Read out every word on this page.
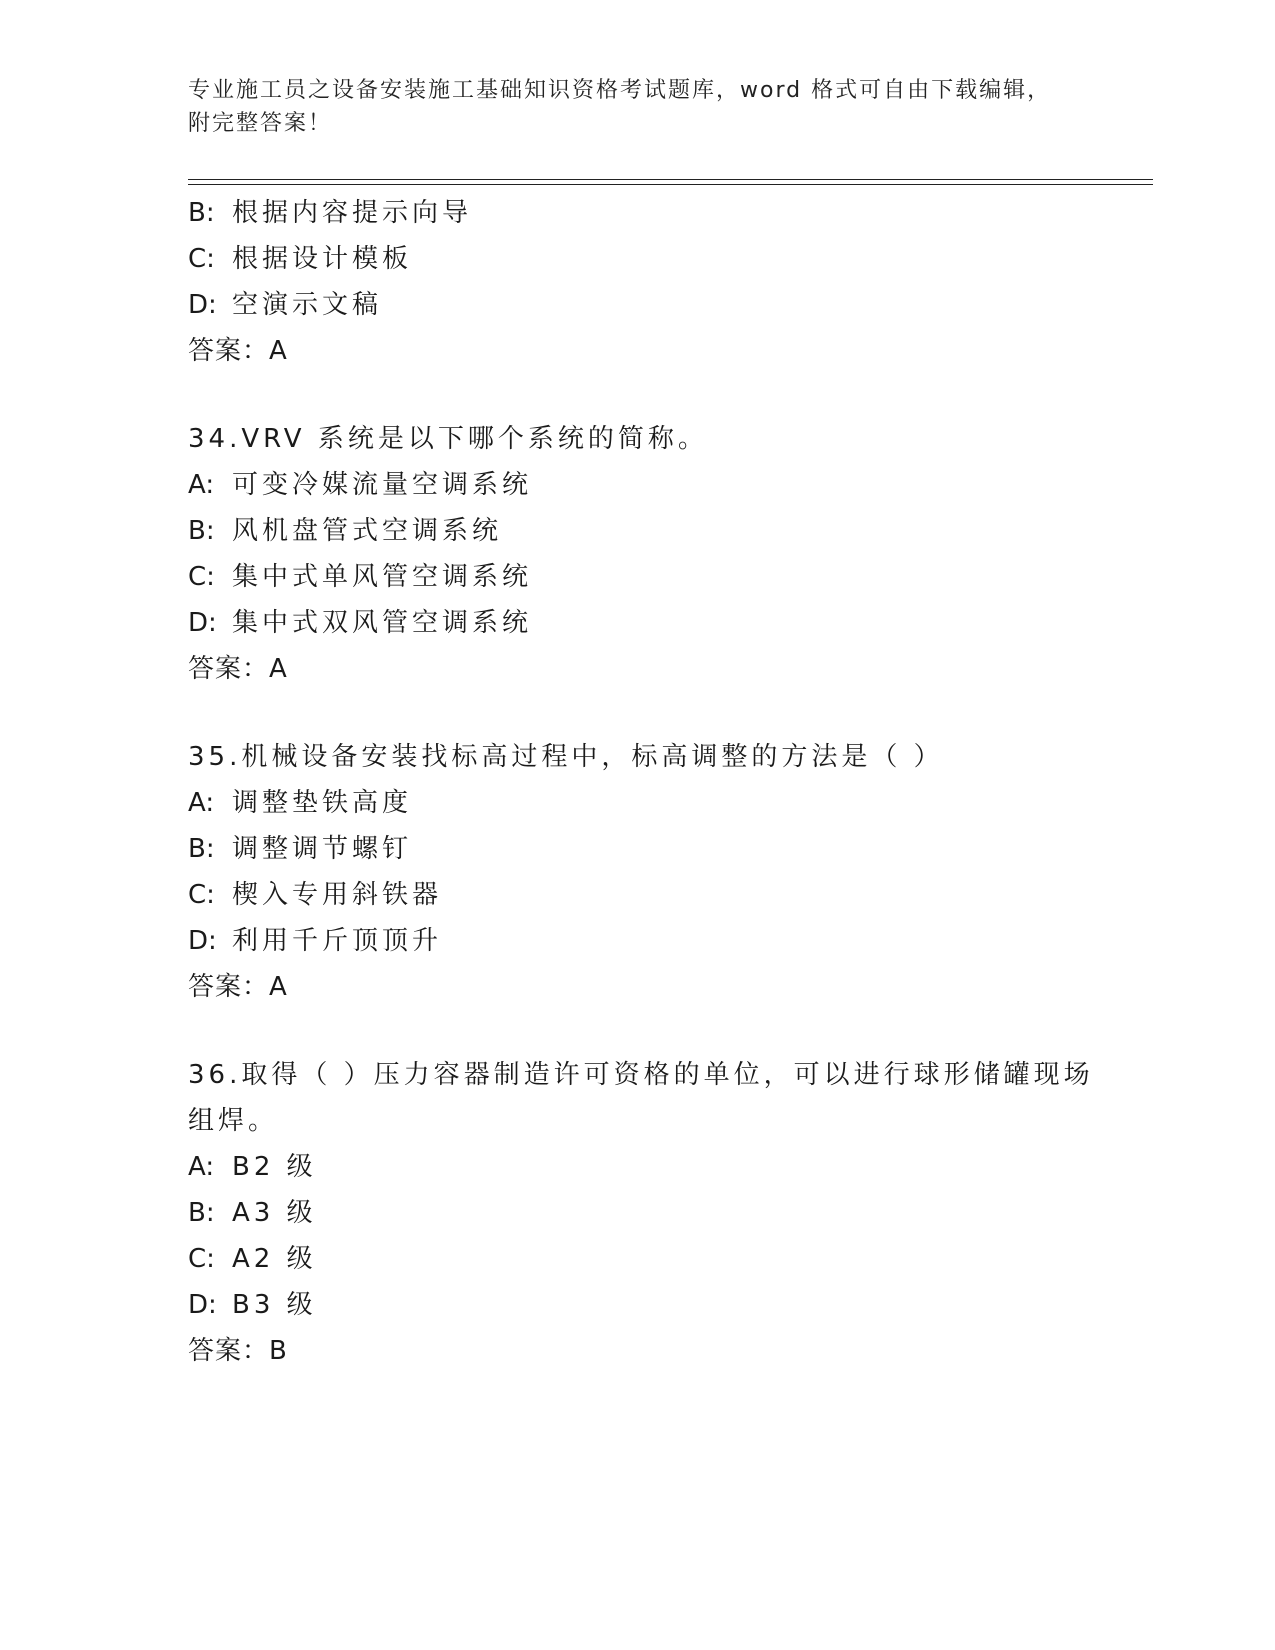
专业施工员之设备安装施工基础知识资格考试题库，word 格式可自由下载编辑，
附完整答案！
B: 根据内容提示向导
C: 根据设计模板
D: 空演示文稿
答案：A
34.VRV 系统是以下哪个系统的简称。
A: 可变冷媒流量空调系统
B: 风机盘管式空调系统
C: 集中式单风管空调系统
D: 集中式双风管空调系统
答案：A
35.机械设备安装找标高过程中，标高调整的方法是（ ）
A: 调整垫铁高度
B: 调整调节螺钉
C: 楔入专用斜铁器
D: 利用千斤顶顶升
答案：A
36.取得（ ）压力容器制造许可资格的单位，可以进行球形储罐现场
组焊。
A: B2 级
B: A3 级
C: A2 级
D: B3 级
答案：B
